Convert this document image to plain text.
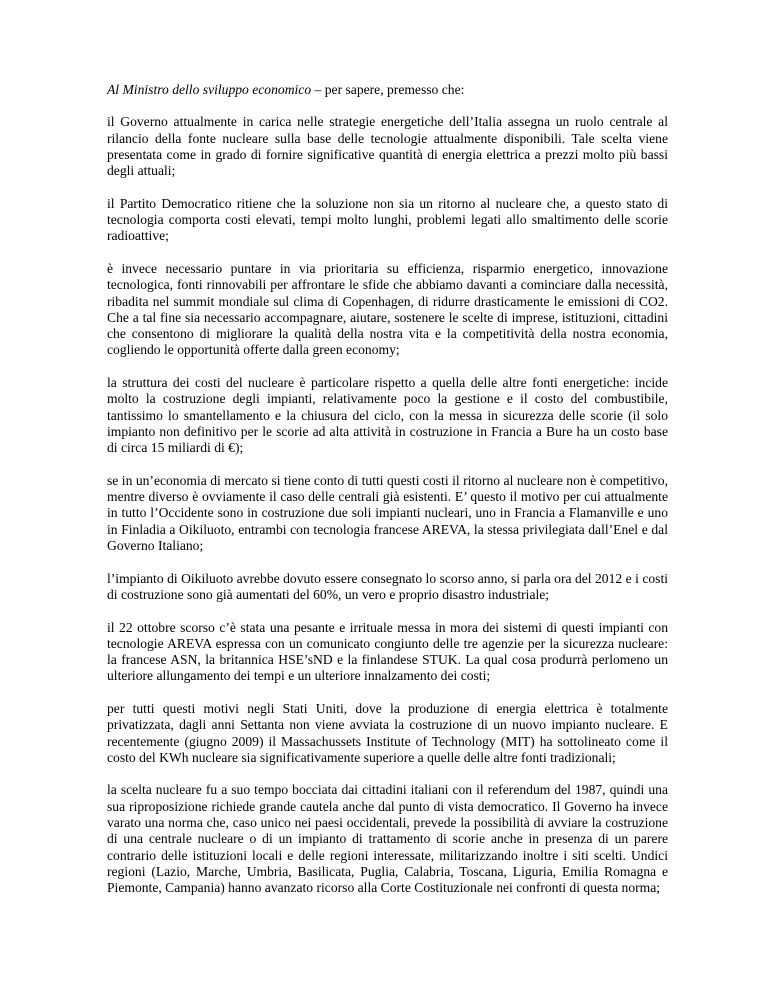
Al Ministro dello sviluppo economico – per sapere, premesso che:

il Governo attualmente in carica nelle strategie energetiche dell’Italia assegna un ruolo centrale al rilancio della fonte nucleare sulla base delle tecnologie attualmente disponibili. Tale scelta viene presentata come in grado di fornire significative quantità di energia elettrica a prezzi molto più bassi degli attuali;

il Partito Democratico ritiene che la soluzione non sia un ritorno al nucleare che, a questo stato di tecnologia comporta costi elevati, tempi molto lunghi, problemi legati allo smaltimento delle scorie radioattive;

è invece necessario puntare in via prioritaria su efficienza, risparmio energetico, innovazione tecnologica, fonti rinnovabili per affrontare le sfide che abbiamo davanti a cominciare dalla necessità, ribadita nel summit mondiale sul clima di Copenhagen, di ridurre drasticamente le emissioni di CO2. Che a tal fine sia necessario accompagnare, aiutare, sostenere le scelte di imprese, istituzioni, cittadini che consentono di migliorare la qualità della nostra vita e la competitività della nostra economia, cogliendo le opportunità offerte dalla green economy;

la struttura dei costi del nucleare è particolare rispetto a quella delle altre fonti energetiche: incide molto la costruzione degli impianti, relativamente poco la gestione e il costo del combustibile, tantissimo lo smantellamento e la chiusura del ciclo, con la messa in sicurezza delle scorie (il solo impianto non definitivo per le scorie ad alta attività in costruzione in Francia a Bure ha un costo base di circa 15 miliardi di €);

se in un’economia di mercato si tiene conto di tutti questi costi il ritorno al nucleare non è competitivo, mentre diverso è ovviamente il caso delle centrali già esistenti. E’ questo il motivo per cui attualmente in tutto l’Occidente sono in costruzione due soli impianti nucleari, uno in Francia a Flamanville e uno in Finladia a Oikiluoto, entrambi con tecnologia francese AREVA, la stessa privilegiata dall’Enel e dal Governo Italiano;

l’impianto di Oikiluoto avrebbe dovuto essere consegnato lo scorso anno, si parla ora del 2012 e i costi di costruzione sono già aumentati del 60%, un vero e proprio disastro industriale;

il 22 ottobre scorso c’è stata una pesante e irrituale messa in mora dei sistemi di questi impianti con tecnologie AREVA espressa con un comunicato congiunto delle tre agenzie per la sicurezza nucleare: la francese ASN, la britannica HSE’sND e la finlandese STUK. La qual cosa produrrà perlomeno un ulteriore allungamento dei tempi e un ulteriore innalzamento dei costi;

per tutti questi motivi negli Stati Uniti, dove la produzione di energia elettrica è totalmente privatizzata, dagli anni Settanta non viene avviata la costruzione di un nuovo impianto nucleare. E recentemente (giugno 2009) il Massachussets Institute of Technology (MIT) ha sottolineato come il costo del KWh nucleare sia significativamente superiore a quelle delle altre fonti tradizionali;

la scelta nucleare fu a suo tempo bocciata dai cittadini italiani con il referendum del 1987, quindi una sua riproposizione richiede grande cautela anche dal punto di vista democratico. Il Governo ha invece varato una norma che, caso unico nei paesi occidentali, prevede la possibilità di avviare la costruzione di una centrale nucleare o di un impianto di trattamento di scorie anche in presenza di un parere contrario delle istituzioni locali e delle regioni interessate, militarizzando inoltre i siti scelti. Undici regioni (Lazio, Marche, Umbria, Basilicata, Puglia, Calabria, Toscana, Liguria, Emilia Romagna e Piemonte, Campania) hanno avanzato ricorso alla Corte Costituzionale nei confronti di questa norma;
